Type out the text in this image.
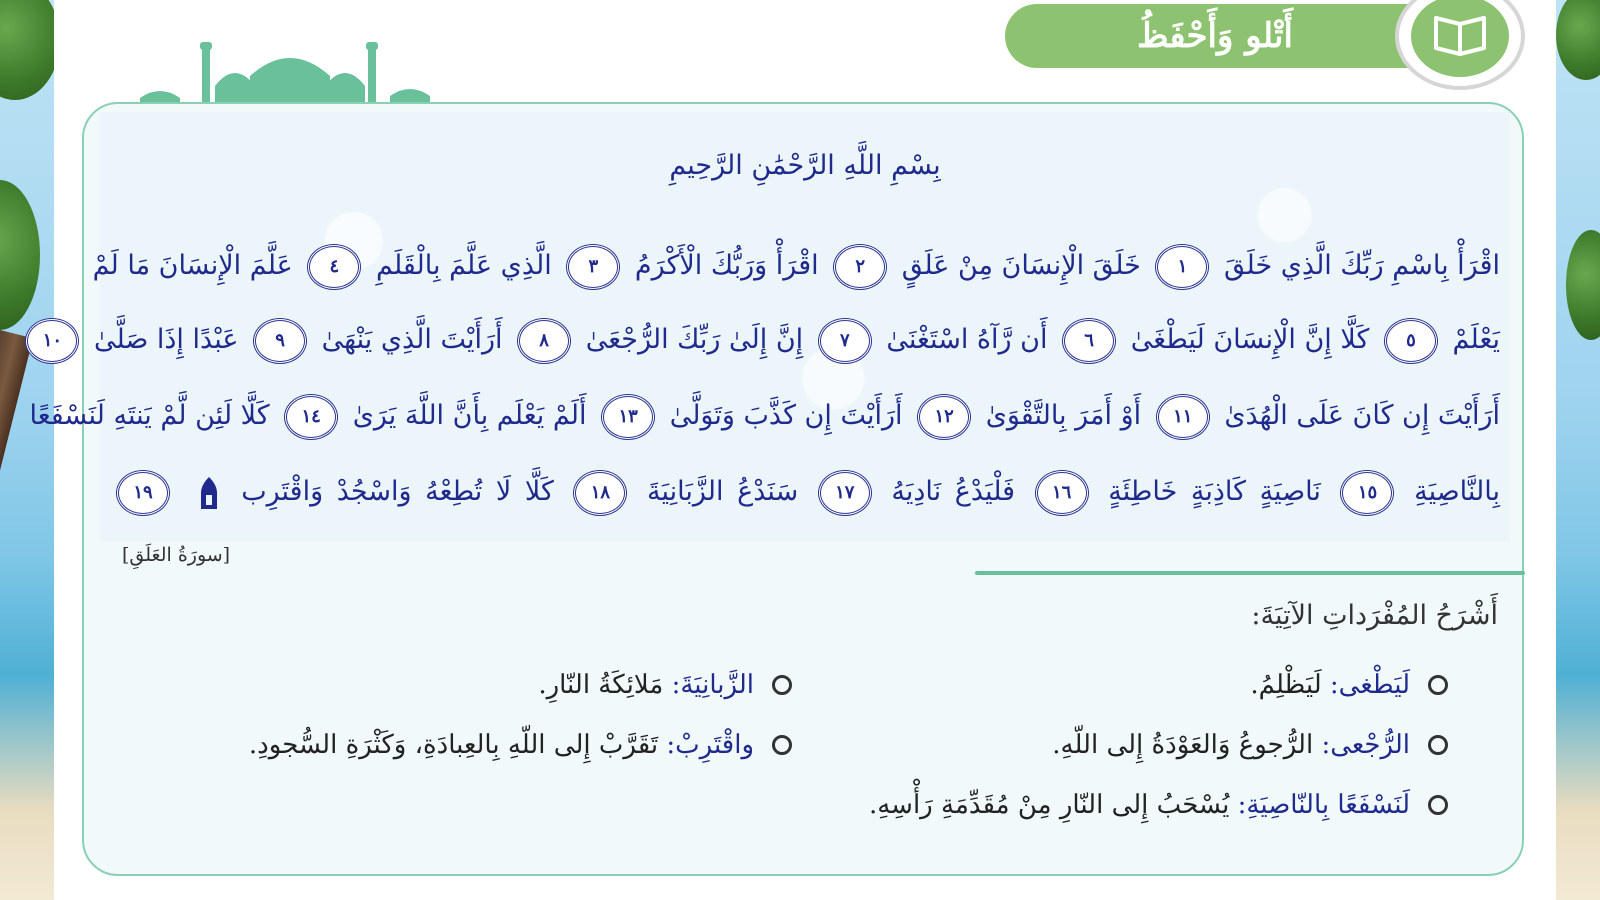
أَتْلو وَأَحْفَظُ
بِسْمِ اللَّهِ الرَّحْمَٰنِ الرَّحِيمِ
اقْرَأْ بِاسْمِ رَبِّكَ الَّذِي خَلَقَ ١ خَلَقَ الْإِنسَانَ مِنْ عَلَقٍ ٢ اقْرَأْ وَرَبُّكَ الْأَكْرَمُ ٣ الَّذِي عَلَّمَ بِالْقَلَمِ ٤ عَلَّمَ الْإِنسَانَ مَا لَمْ
يَعْلَمْ ٥ كَلَّا إِنَّ الْإِنسَانَ لَيَطْغَىٰ ٦ أَن رَّآهُ اسْتَغْنَىٰ ٧ إِنَّ إِلَىٰ رَبِّكَ الرُّجْعَىٰ ٨ أَرَأَيْتَ الَّذِي يَنْهَىٰ ٩ عَبْدًا إِذَا صَلَّىٰ ١٠
أَرَأَيْتَ إِن كَانَ عَلَى الْهُدَىٰ ١١ أَوْ أَمَرَ بِالتَّقْوَىٰ ١٢ أَرَأَيْتَ إِن كَذَّبَ وَتَوَلَّىٰ ١٣ أَلَمْ يَعْلَم بِأَنَّ اللَّهَ يَرَىٰ ١٤ كَلَّا لَئِن لَّمْ يَنتَهِ لَنَسْفَعًا
بِالنَّاصِيَةِ ١٥ نَاصِيَةٍ كَاذِبَةٍ خَاطِئَةٍ ١٦ فَلْيَدْعُ نَادِيَهُ ١٧ سَنَدْعُ الزَّبَانِيَةَ ١٨ كَلَّا لَا تُطِعْهُ وَاسْجُدْ وَاقْتَرِب  ١٩
[سورَةُ العَلَقِ]
أَشْرَحُ المُفْرَداتِ الآتِيَةَ:
لَيَطْغى:

لَيَظْلِمُ.
الرُّجْعى:

الرُّجوعُ وَالعَوْدَةُ إِلى اللّهِ.
لَنَسْفَعًا بِالنّاصِيَةِ:

يُسْحَبُ إِلى النّارِ مِنْ مُقَدِّمَةِ رَأْسِهِ.
الزَّبانِيَةَ:

مَلائِكَةُ النّارِ.
واقْتَرِبْ:

تَقَرَّبْ إِلى اللّهِ بِالعِبادَةِ، وَكَثْرَةِ السُّجودِ.
